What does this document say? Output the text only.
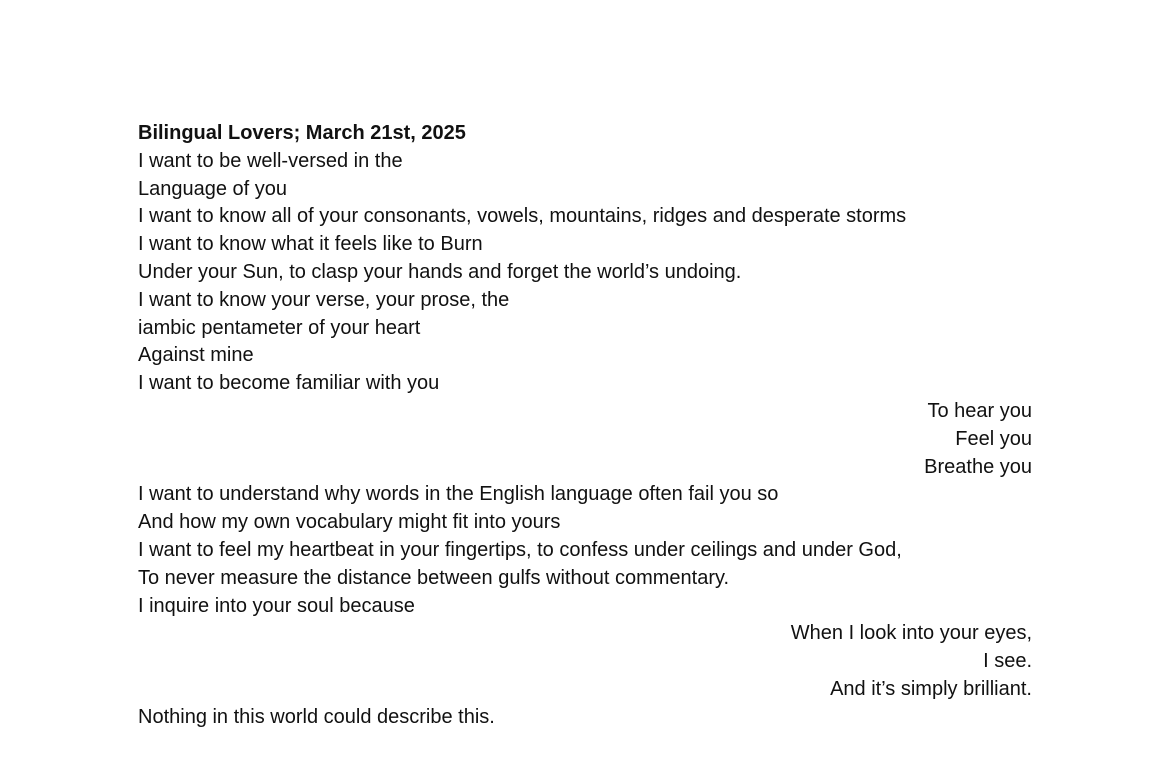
Bilingual Lovers; March 21st, 2025
I want to be well-versed in the
Language of you
I want to know all of your consonants, vowels, mountains, ridges and desperate storms
I want to know what it feels like to Burn
Under your Sun, to clasp your hands and forget the world’s undoing.
I want to know your verse, your prose, the
iambic pentameter of your heart
Against mine
I want to become familiar with you
To hear you
Feel you
Breathe you
I want to understand why words in the English language often fail you so
And how my own vocabulary might fit into yours
I want to feel my heartbeat in your fingertips, to confess under ceilings and under God,
To never measure the distance between gulfs without commentary.
I inquire into your soul because
When I look into your eyes,
I see.
And it’s simply brilliant.
Nothing in this world could describe this.
